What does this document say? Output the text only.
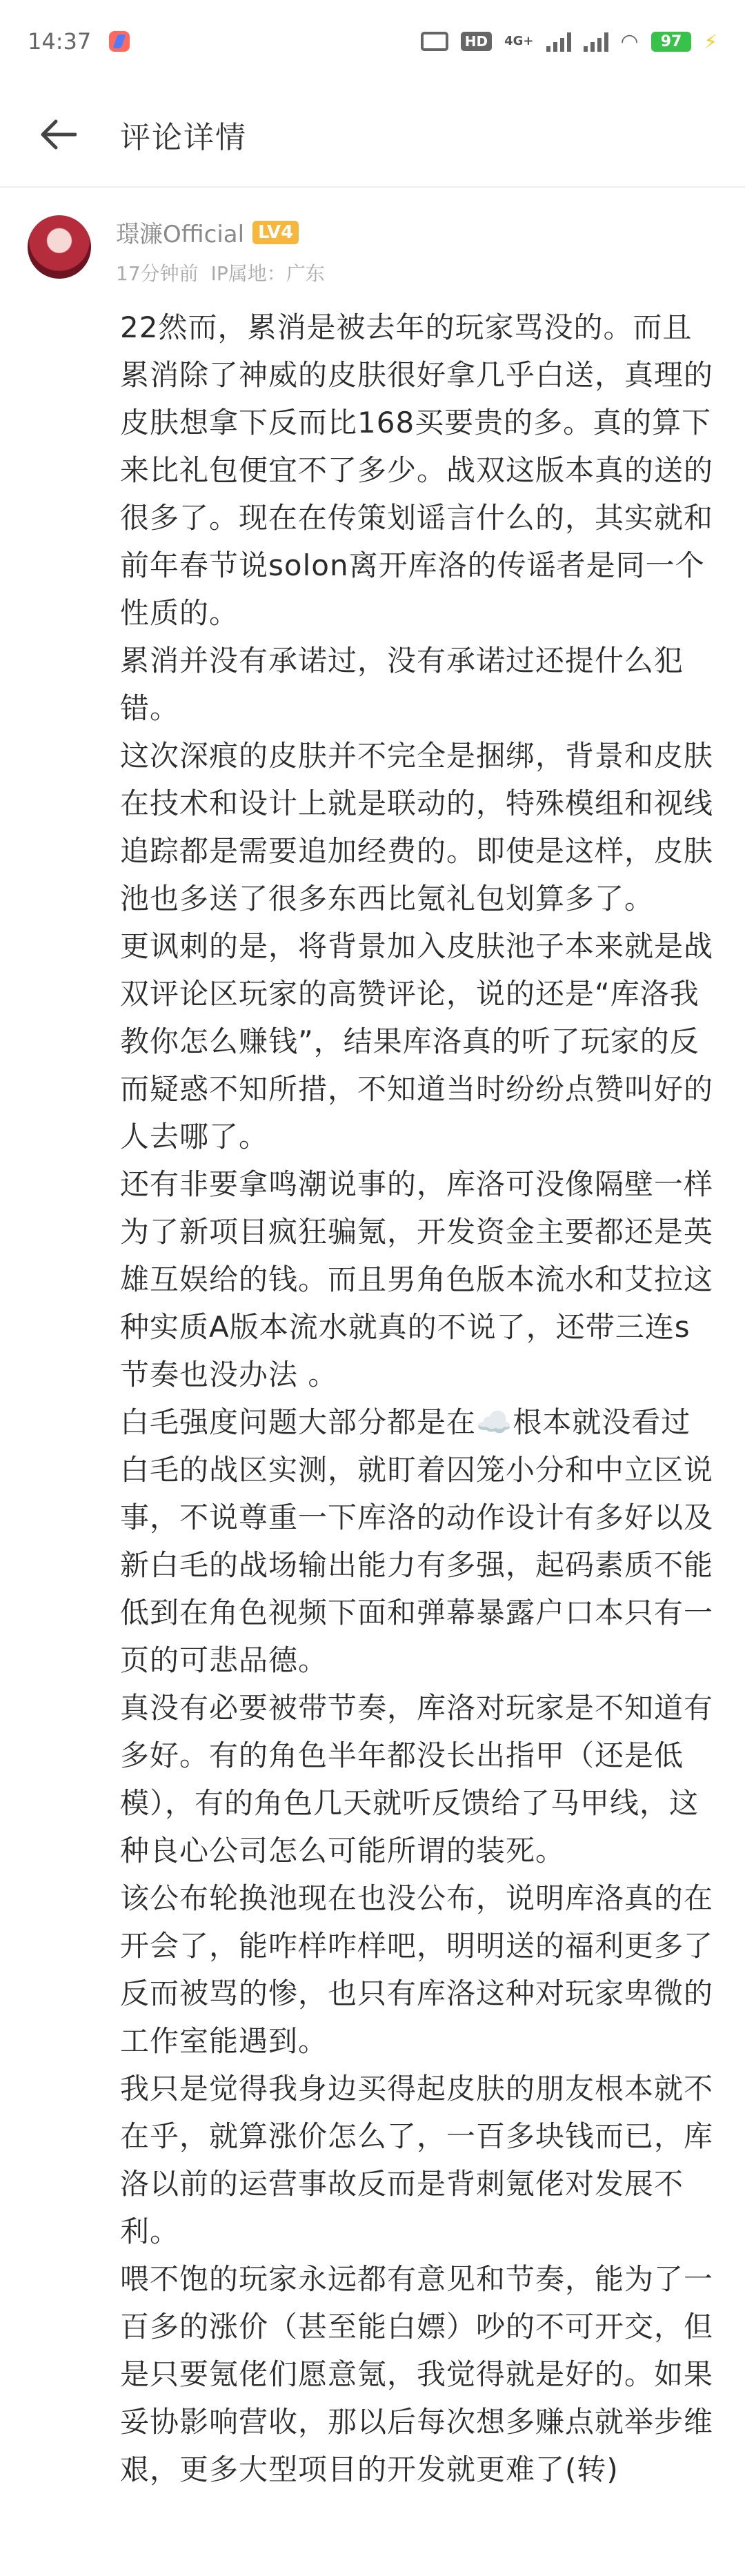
14:37	HD	4G+	◠	97	⚡
评论详情
璟濂Official LV4
17分钟前 IP属地：广东

22然而，累消是被去年的玩家骂没的。而且累消除了神威的皮肤很好拿几乎白送，真理的皮肤想拿下反而比168买要贵的多。真的算下来比礼包便宜不了多少。战双这版本真的送的很多了。现在在传策划谣言什么的，其实就和前年春节说solon离开库洛的传谣者是同一个性质的。

累消并没有承诺过，没有承诺过还提什么犯错。

这次深痕的皮肤并不完全是捆绑，背景和皮肤在技术和设计上就是联动的，特殊模组和视线追踪都是需要追加经费的。即使是这样，皮肤池也多送了很多东西比氪礼包划算多了。

更讽刺的是，将背景加入皮肤池子本来就是战双评论区玩家的高赞评论，说的还是“库洛我教你怎么赚钱”，结果库洛真的听了玩家的反而疑惑不知所措，不知道当时纷纷点赞叫好的人去哪了。

还有非要拿鸣潮说事的，库洛可没像隔壁一样为了新项目疯狂骗氪，开发资金主要都还是英雄互娱给的钱。而且男角色版本流水和艾拉这种实质A版本流水就真的不说了，还带三连s节奏也没办法 。

白毛强度问题大部分都是在☁️根本就没看过白毛的战区实测，就盯着囚笼小分和中立区说事，不说尊重一下库洛的动作设计有多好以及新白毛的战场输出能力有多强，起码素质不能低到在角色视频下面和弹幕暴露户口本只有一页的可悲品德。

真没有必要被带节奏，库洛对玩家是不知道有多好。有的角色半年都没长出指甲（还是低模），有的角色几天就听反馈给了马甲线，这种良心公司怎么可能所谓的装死。

该公布轮换池现在也没公布，说明库洛真的在开会了，能咋样咋样吧，明明送的福利更多了反而被骂的惨，也只有库洛这种对玩家卑微的工作室能遇到。

我只是觉得我身边买得起皮肤的朋友根本就不在乎，就算涨价怎么了，一百多块钱而已，库洛以前的运营事故反而是背刺氪佬对发展不利。

喂不饱的玩家永远都有意见和节奏，能为了一百多的涨价（甚至能白嫖）吵的不可开交，但是只要氪佬们愿意氪，我觉得就是好的。如果妥协影响营收，那以后每次想多赚点就举步维艰，更多大型项目的开发就更难了(转)
